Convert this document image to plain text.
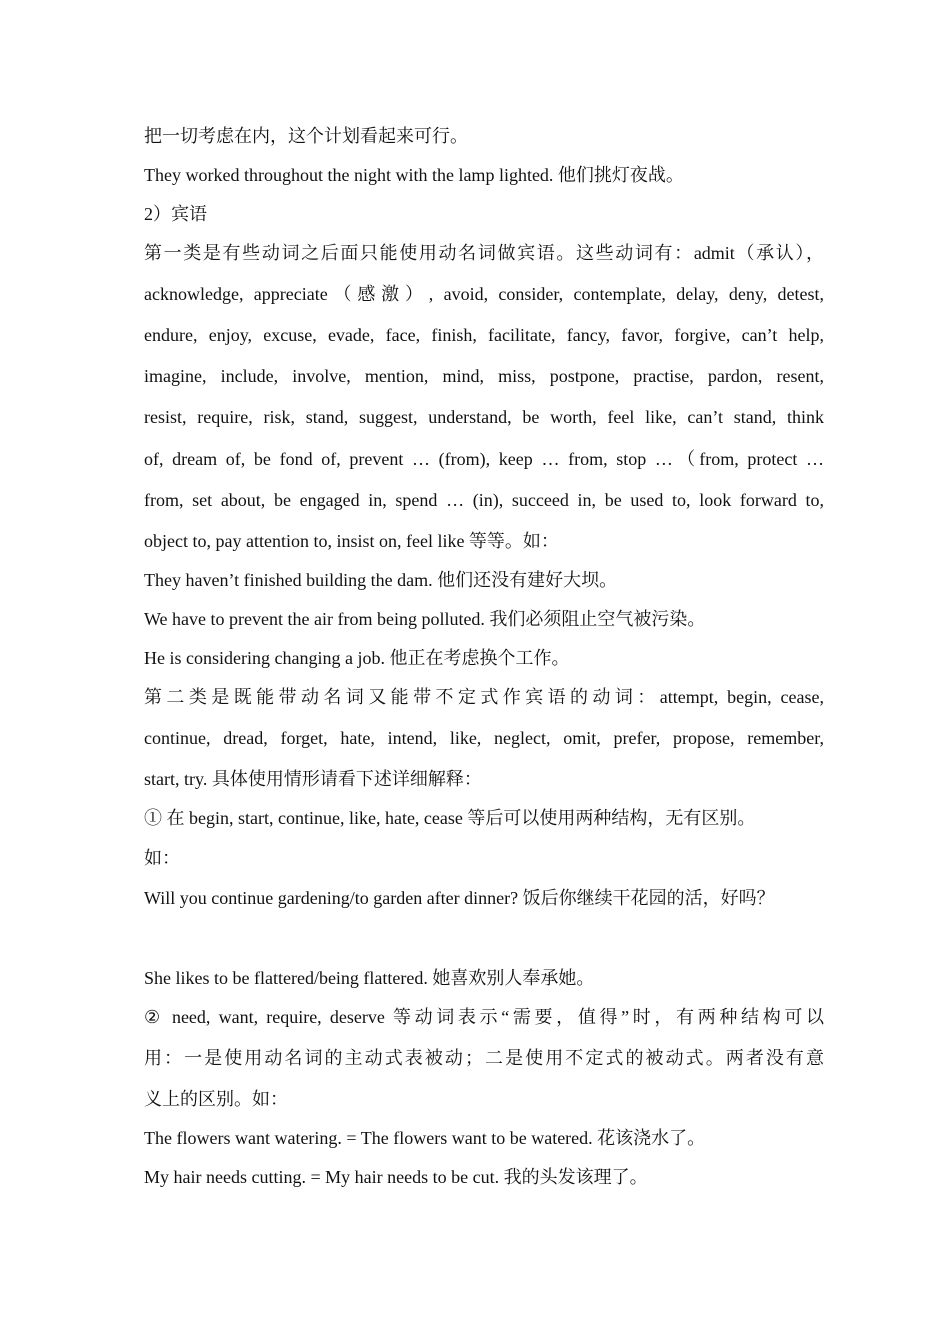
把一切考虑在内，这个计划看起来可行。
They worked throughout the night with the lamp lighted. 他们挑灯夜战。
2）宾语
第一类是有些动词之后面只能使用动名词做宾语。这些动词有：admit（承认），
acknowledge, appreciate（感激）, avoid, consider, contemplate, delay, deny, detest,
endure, enjoy, excuse, evade, face, finish, facilitate, fancy, favor, forgive, can’t help,
imagine, include, involve, mention, mind, miss, postpone, practise, pardon, resent,
resist, require, risk, stand, suggest, understand, be worth, feel like, can’t stand, think
of, dream of, be fond of, prevent … (from), keep … from, stop …（from, protect …
from, set about, be engaged in, spend … (in), succeed in, be used to, look forward to,
object to, pay attention to, insist on, feel like 等等。如：
They haven’t finished building the dam. 他们还没有建好大坝。
We have to prevent the air from being polluted. 我们必须阻止空气被污染。
He is considering changing a job. 他正在考虑换个工作。
第二类是既能带动名词又能带不定式作宾语的动词：attempt, begin, cease,
continue, dread, forget, hate, intend, like, neglect, omit, prefer, propose, remember,
start, try. 具体使用情形请看下述详细解释：
① 在 begin, start, continue, like, hate, cease 等后可以使用两种结构，无有区别。
如：
Will you continue gardening/to garden after dinner? 饭后你继续干花园的活，好吗？
She likes to be flattered/being flattered. 她喜欢别人奉承她。
② need, want, require, deserve 等动词表示“需要，值得”时，有两种结构可以
用：一是使用动名词的主动式表被动；二是使用不定式的被动式。两者没有意
义上的区别。如：
The flowers want watering. = The flowers want to be watered. 花该浇水了。
My hair needs cutting. = My hair needs to be cut. 我的头发该理了。
